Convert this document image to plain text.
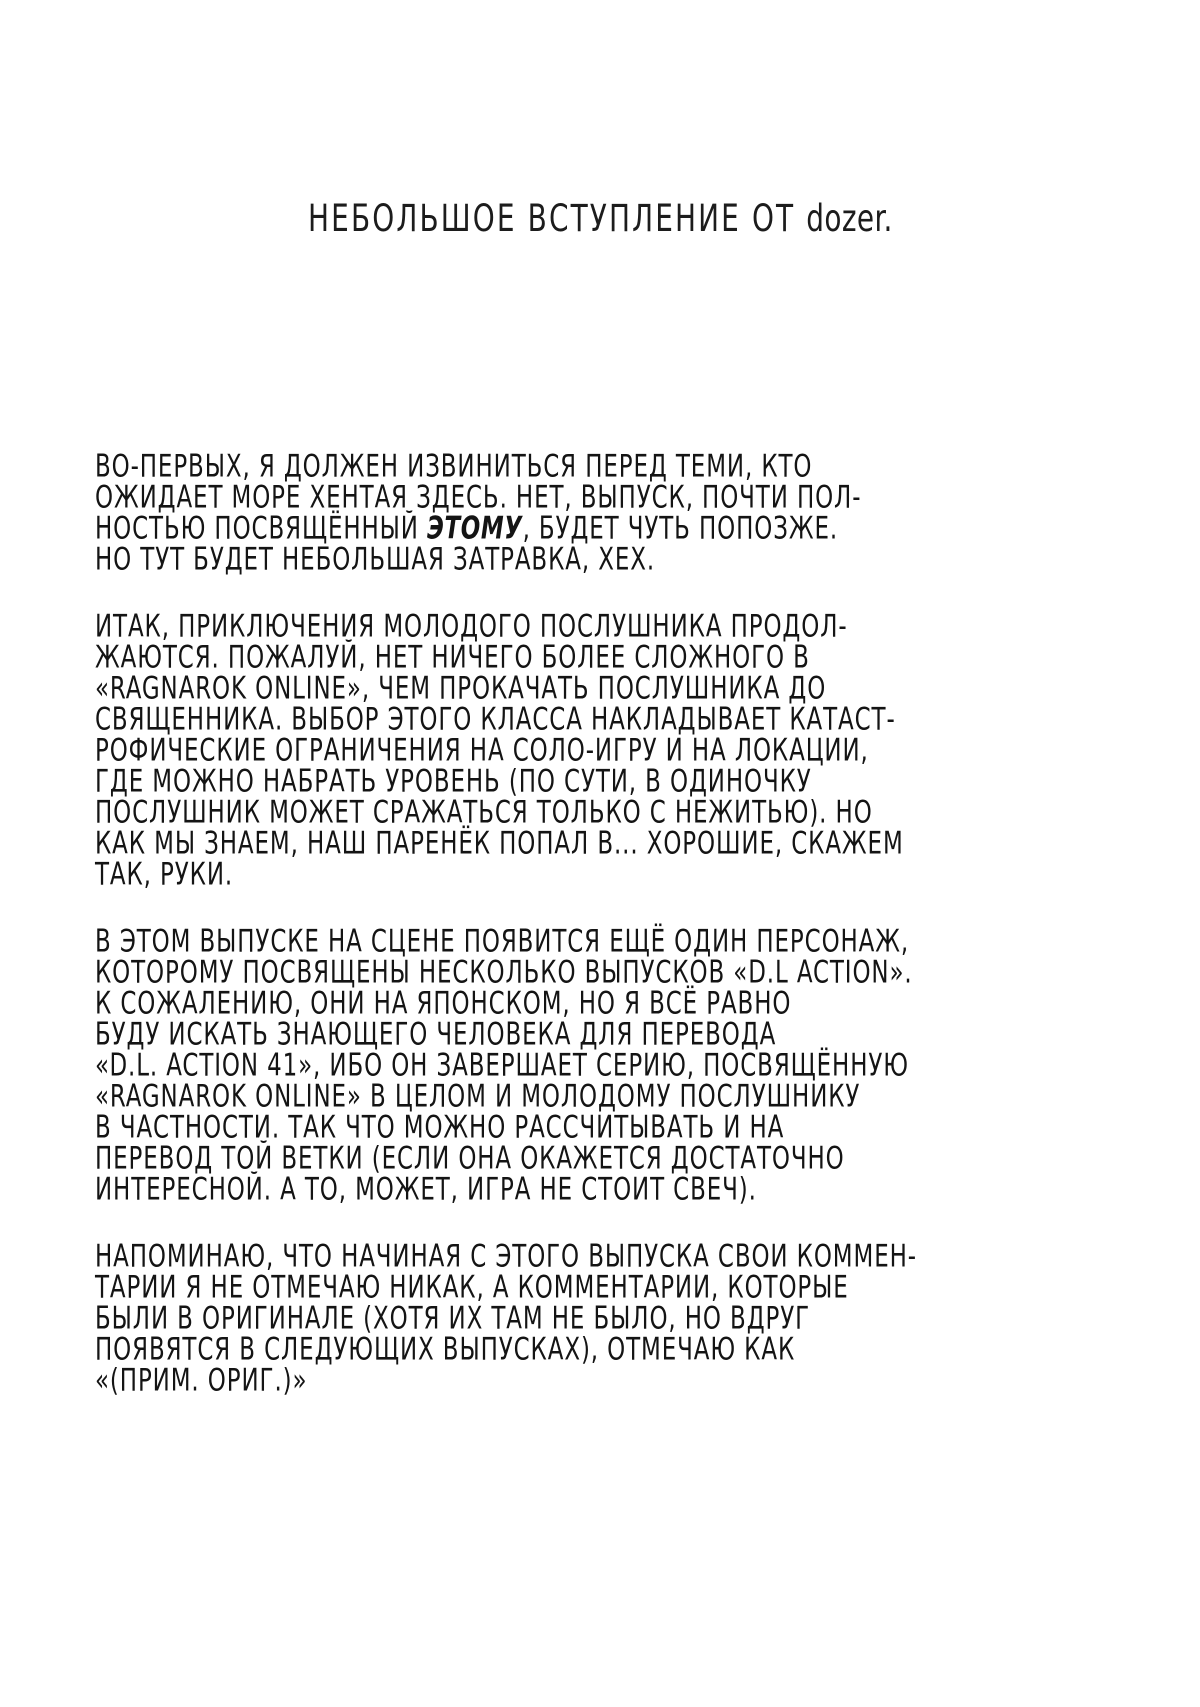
НЕБОЛЬШОЕ ВСТУПЛЕНИЕ ОТ dozer.
ВО-ПЕРВЫХ, Я ДОЛЖЕН ИЗВИНИТЬСЯ ПЕРЕД ТЕМИ, КТО
ОЖИДАЕТ МОРЕ ХЕНТАЯ ЗДЕСЬ. НЕТ, ВЫПУСК, ПОЧТИ ПОЛ-
НОСТЬЮ ПОСВЯЩЁННЫЙ ЭТОМУ, БУДЕТ ЧУТЬ ПОПОЗЖЕ.
НО ТУТ БУДЕТ НЕБОЛЬШАЯ ЗАТРАВКА, ХЕХ.
ИТАК, ПРИКЛЮЧЕНИЯ МОЛОДОГО ПОСЛУШНИКА ПРОДОЛ-
ЖАЮТСЯ. ПОЖАЛУЙ, НЕТ НИЧЕГО БОЛЕЕ СЛОЖНОГО В
«RAGNAROK ONLINE», ЧЕМ ПРОКАЧАТЬ ПОСЛУШНИКА ДО
СВЯЩЕННИКА. ВЫБОР ЭТОГО КЛАССА НАКЛАДЫВАЕТ КАТАСТ-
РОФИЧЕСКИЕ ОГРАНИЧЕНИЯ НА СОЛО-ИГРУ И НА ЛОКАЦИИ,
ГДЕ МОЖНО НАБРАТЬ УРОВЕНЬ (ПО СУТИ, В ОДИНОЧКУ
ПОСЛУШНИК МОЖЕТ СРАЖАТЬСЯ ТОЛЬКО С НЕЖИТЬЮ). НО
КАК МЫ ЗНАЕМ, НАШ ПАРЕНЁК ПОПАЛ В... ХОРОШИЕ, СКАЖЕМ
ТАК, РУКИ.
В ЭТОМ ВЫПУСКЕ НА СЦЕНЕ ПОЯВИТСЯ ЕЩЁ ОДИН ПЕРСОНАЖ,
КОТОРОМУ ПОСВЯЩЕНЫ НЕСКОЛЬКО ВЫПУСКОВ «D.L ACTION».
К СОЖАЛЕНИЮ, ОНИ НА ЯПОНСКОМ, НО Я ВСЁ РАВНО
БУДУ ИСКАТЬ ЗНАЮЩЕГО ЧЕЛОВЕКА ДЛЯ ПЕРЕВОДА
«D.L. ACTION 41», ИБО ОН ЗАВЕРШАЕТ СЕРИЮ, ПОСВЯЩЁННУЮ
«RAGNAROK ONLINE» В ЦЕЛОМ И МОЛОДОМУ ПОСЛУШНИКУ
В ЧАСТНОСТИ. ТАК ЧТО МОЖНО РАССЧИТЫВАТЬ И НА
ПЕРЕВОД ТОЙ ВЕТКИ (ЕСЛИ ОНА ОКАЖЕТСЯ ДОСТАТОЧНО
ИНТЕРЕСНОЙ. А ТО, МОЖЕТ, ИГРА НЕ СТОИТ СВЕЧ).
НАПОМИНАЮ, ЧТО НАЧИНАЯ С ЭТОГО ВЫПУСКА СВОИ КОММЕН-
ТАРИИ Я НЕ ОТМЕЧАЮ НИКАК, А КОММЕНТАРИИ, КОТОРЫЕ
БЫЛИ В ОРИГИНАЛЕ (ХОТЯ ИХ ТАМ НЕ БЫЛО, НО ВДРУГ
ПОЯВЯТСЯ В СЛЕДУЮЩИХ ВЫПУСКАХ), ОТМЕЧАЮ КАК
«(ПРИМ. ОРИГ.)»
